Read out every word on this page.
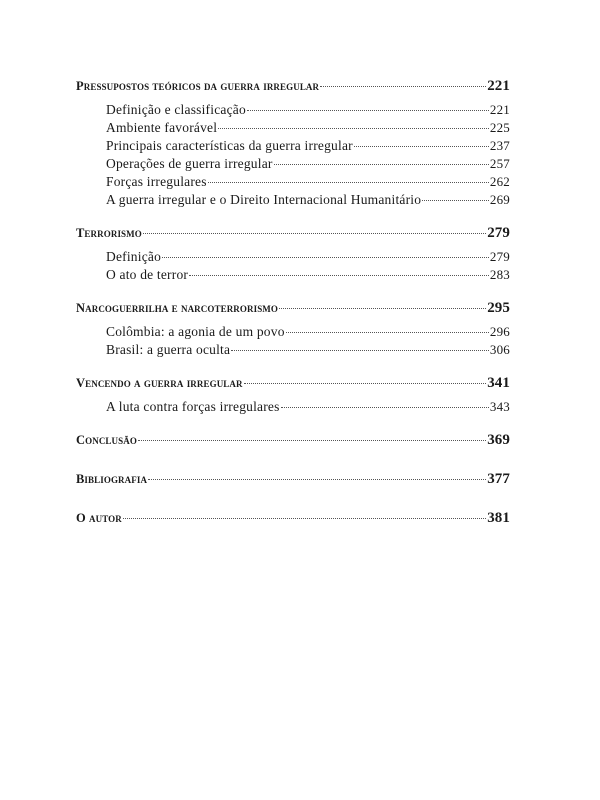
Pressupostos teóricos da guerra irregular	221
Definição e classificação	221
Ambiente favorável	225
Principais características da guerra irregular	237
Operações de guerra irregular	257
Forças irregulares	262
A guerra irregular e o Direito Internacional Humanitário	269
Terrorismo	279
Definição	279
O ato de terror	283
Narcoguerrilha e narcoterrorismo	295
Colômbia: a agonia de um povo	296
Brasil: a guerra oculta	306
Vencendo a guerra irregular	341
A luta contra forças irregulares	343
Conclusão	369
Bibliografia	377
O autor	381
